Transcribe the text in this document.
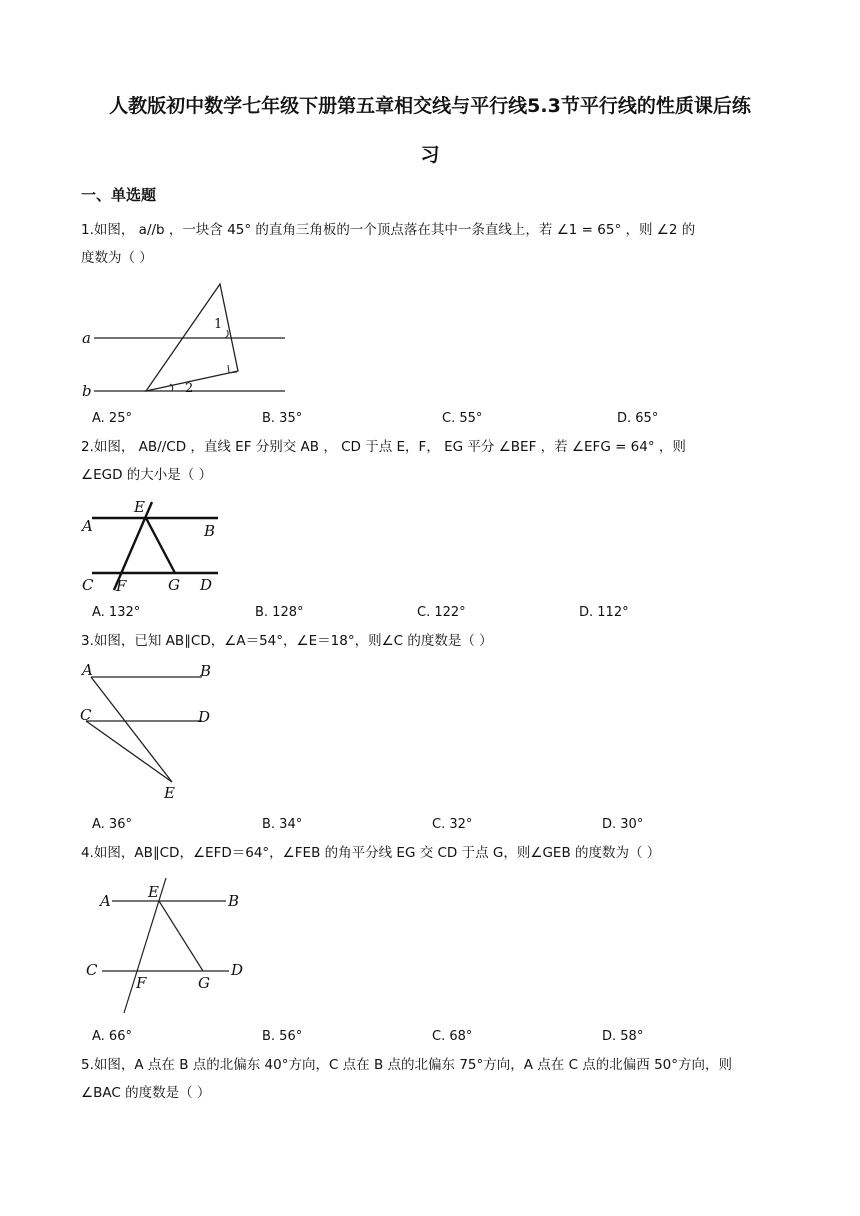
人教版初中数学七年级下册第五章相交线与平行线5.3节平行线的性质课后练
习
一、单选题
1.如图， a//b ，一块含 45° 的直角三角板的一个顶点落在其中一条直线上，若 ∠1 = 65° ，则 ∠2 的
度数为（ ）
a
b
1
2
A. 25°	B. 35°	C. 55°	D. 65°
2.如图， AB//CD ，直线 EF 分别交 AB ， CD 于点 E，F， EG 平分 ∠BEF ，若 ∠EFG = 64° ，则
∠EGD 的大小是（ ）
A	B
C	D
E
F	G
A. 132°	B. 128°	C. 122°	D. 112°
3.如图，已知 AB∥CD，∠A＝54°，∠E＝18°，则∠C 的度数是（ ）
A	B
C	D
E
A. 36°	B. 34°	C. 32°	D. 30°
4.如图，AB∥CD，∠EFD＝64°，∠FEB 的角平分线 EG 交 CD 于点 G，则∠GEB 的度数为（ ）
A	B
C	D
E
F	G
A. 66°	B. 56°	C. 68°	D. 58°
5.如图，A 点在 B 点的北偏东 40°方向，C 点在 B 点的北偏东 75°方向，A 点在 C 点的北偏西 50°方向，则
∠BAC 的度数是（ ）
